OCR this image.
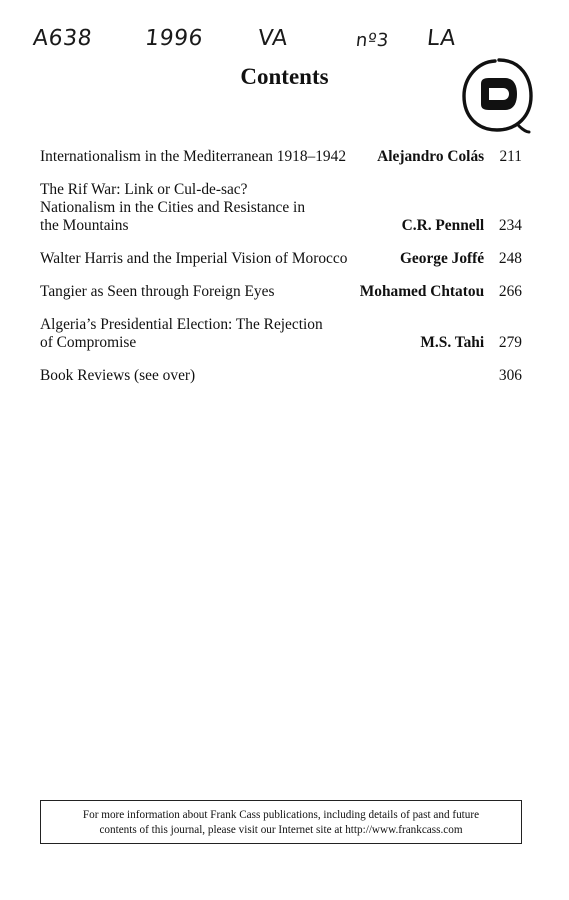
A638 1996 VA	nº3 LA
Contents
Internationalism in the Mediterranean 1918–1942	Alejandro Colás 211
The Rif War: Link or Cul-de-sac?
Nationalism in the Cities and Resistance in
the Mountains	C.R. Pennell 234
Walter Harris and the Imperial Vision of Morocco	George Joffé 248
Tangier as Seen through Foreign Eyes	Mohamed Chtatou 266
Algeria’s Presidential Election: The Rejection
of Compromise	M.S. Tahi 279
Book Reviews (see over)	306
For more information about Frank Cass publications, including details of past and future
contents of this journal, please visit our Internet site at http://www.frankcass.com
